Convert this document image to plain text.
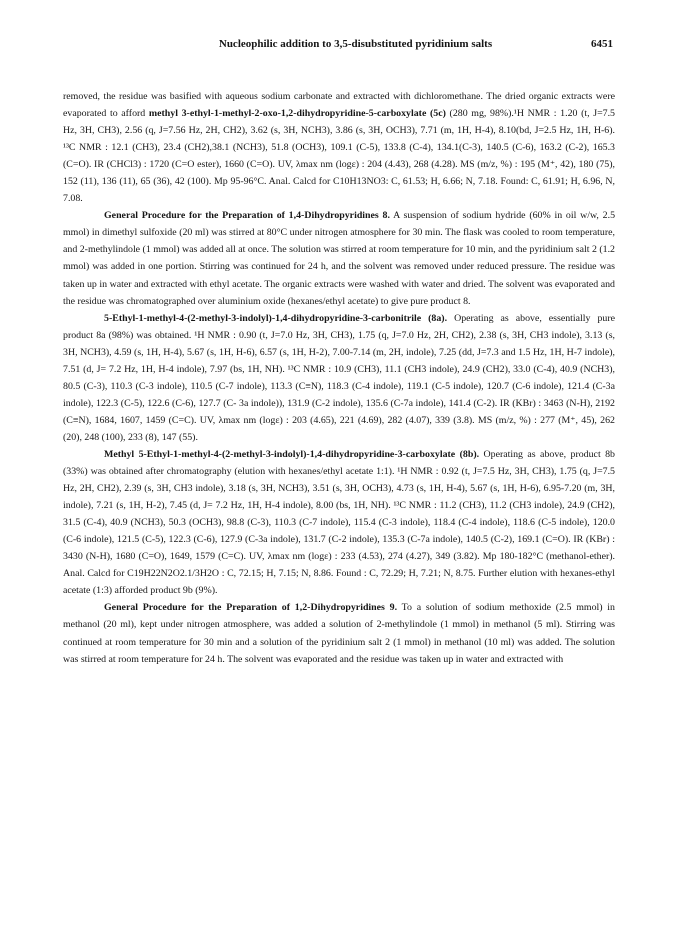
Nucleophilic addition to 3,5-disubstituted pyridinium salts	6451

removed, the residue was basified with aqueous sodium carbonate and extracted with dichloromethane. The dried organic extracts were evaporated to afford methyl 3-ethyl-1-methyl-2-oxo-1,2-dihydropyridine-5-carboxylate (5c) (280 mg, 98%).¹H NMR : 1.20 (t, J=7.5 Hz, 3H, CH3), 2.56 (q, J=7.56 Hz, 2H, CH2), 3.62 (s, 3H, NCH3), 3.86 (s, 3H, OCH3), 7.71 (m, 1H, H-4), 8.10(bd, J=2.5 Hz, 1H, H-6). ¹³C NMR : 12.1 (CH3), 23.4 (CH2),38.1 (NCH3), 51.8 (OCH3), 109.1 (C-5), 133.8 (C-4), 134.1(C-3), 140.5 (C-6), 163.2 (C-2), 165.3 (C=O). IR (CHCl3) : 1720 (C=O ester), 1660 (C=O). UV, λmax nm (logε) : 204 (4.43), 268 (4.28). MS (m/z, %) : 195 (M⁺, 42), 180 (75), 152 (11), 136 (11), 65 (36), 42 (100). Mp 95-96°C. Anal. Calcd for C10H13NO3: C, 61.53; H, 6.66; N, 7.18. Found: C, 61.91; H, 6.96, N, 7.08.

General Procedure for the Preparation of 1,4-Dihydropyridines 8. A suspension of sodium hydride (60% in oil w/w, 2.5 mmol) in dimethyl sulfoxide (20 ml) was stirred at 80°C under nitrogen atmosphere for 30 min. The flask was cooled to room temperature, and 2-methylindole (1 mmol) was added all at once. The solution was stirred at room temperature for 10 min, and the pyridinium salt 2 (1.2 mmol) was added in one portion. Stirring was continued for 24 h, and the solvent was removed under reduced pressure. The residue was taken up in water and extracted with ethyl acetate. The organic extracts were washed with water and dried. The solvent was evaporated and the residue was chromatographed over aluminium oxide (hexanes/ethyl acetate) to give pure product 8.

5-Ethyl-1-methyl-4-(2-methyl-3-indolyl)-1,4-dihydropyridine-3-carbonitrile (8a). Operating as above, essentially pure product 8a (98%) was obtained. ¹H NMR : 0.90 (t, J=7.0 Hz, 3H, CH3), 1.75 (q, J=7.0 Hz, 2H, CH2), 2.38 (s, 3H, CH3 indole), 3.13 (s, 3H, NCH3), 4.59 (s, 1H, H-4), 5.67 (s, 1H, H-6), 6.57 (s, 1H, H-2), 7.00-7.14 (m, 2H, indole), 7.25 (dd, J=7.3 and 1.5 Hz, 1H, H-7 indole), 7.51 (d, J= 7.2 Hz, 1H, H-4 indole), 7.97 (bs, 1H, NH). ¹³C NMR : 10.9 (CH3), 11.1 (CH3 indole), 24.9 (CH2), 33.0 (C-4), 40.9 (NCH3), 80.5 (C-3), 110.3 (C-3 indole), 110.5 (C-7 indole), 113.3 (C≡N), 118.3 (C-4 indole), 119.1 (C-5 indole), 120.7 (C-6 indole), 121.4 (C-3a indole), 122.3 (C-5), 122.6 (C-6), 127.7 (C- 3a indole)), 131.9 (C-2 indole), 135.6 (C-7a indole), 141.4 (C-2). IR (KBr) : 3463 (N-H), 2192 (C≡N), 1684, 1607, 1459 (C=C). UV, λmax nm (logε) : 203 (4.65), 221 (4.69), 282 (4.07), 339 (3.8). MS (m/z, %) : 277 (M⁺, 45), 262 (20), 248 (100), 233 (8), 147 (55).

Methyl 5-Ethyl-1-methyl-4-(2-methyl-3-indolyl)-1,4-dihydropyridine-3-carboxylate (8b). Operating as above, product 8b (33%) was obtained after chromatography (elution with hexanes/ethyl acetate 1:1). ¹H NMR : 0.92 (t, J=7.5 Hz, 3H, CH3), 1.75 (q, J=7.5 Hz, 2H, CH2), 2.39 (s, 3H, CH3 indole), 3.18 (s, 3H, NCH3), 3.51 (s, 3H, OCH3), 4.73 (s, 1H, H-4), 5.67 (s, 1H, H-6), 6.95-7.20 (m, 3H, indole), 7.21 (s, 1H, H-2), 7.45 (d, J= 7.2 Hz, 1H, H-4 indole), 8.00 (bs, 1H, NH). ¹³C NMR : 11.2 (CH3), 11.2 (CH3 indole), 24.9 (CH2), 31.5 (C-4), 40.9 (NCH3), 50.3 (OCH3), 98.8 (C-3), 110.3 (C-7 indole), 115.4 (C-3 indole), 118.4 (C-4 indole), 118.6 (C-5 indole), 120.0 (C-6 indole), 121.5 (C-5), 122.3 (C-6), 127.9 (C-3a indole), 131.7 (C-2 indole), 135.3 (C-7a indole), 140.5 (C-2), 169.1 (C=O). IR (KBr) : 3430 (N-H), 1680 (C=O), 1649, 1579 (C=C). UV, λmax nm (logε) : 233 (4.53), 274 (4.27), 349 (3.82). Mp 180-182°C (methanol-ether). Anal. Calcd for C19H22N2O2.1/3H2O : C, 72.15; H, 7.15; N, 8.86. Found : C, 72.29; H, 7.21; N, 8.75. Further elution with hexanes-ethyl acetate (1:3) afforded product 9b (9%).

General Procedure for the Preparation of 1,2-Dihydropyridines 9. To a solution of sodium methoxide (2.5 mmol) in methanol (20 ml), kept under nitrogen atmosphere, was added a solution of 2-methylindole (1 mmol) in methanol (5 ml). Stirring was continued at room temperature for 30 min and a solution of the pyridinium salt 2 (1 mmol) in methanol (10 ml) was added. The solution was stirred at room temperature for 24 h. The solvent was evaporated and the residue was taken up in water and extracted with
